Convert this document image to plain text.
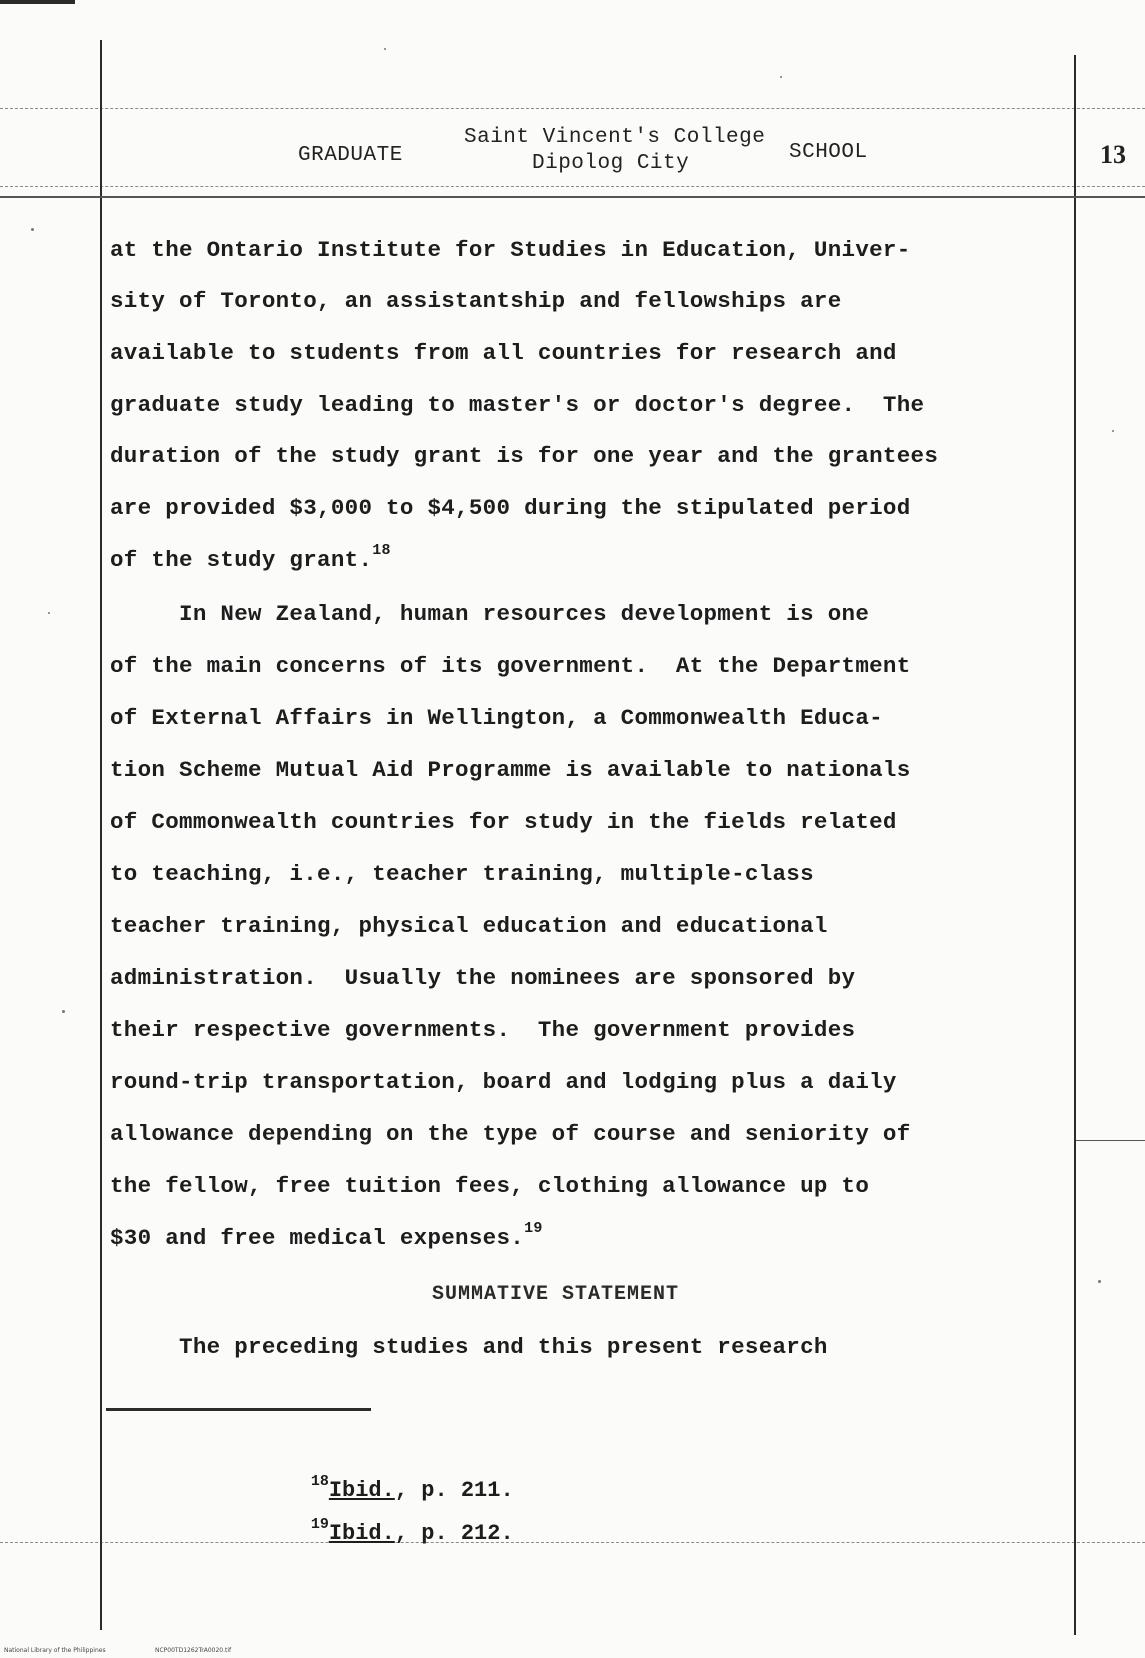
GRADUATE
Saint Vincent's College
Dipolog City	SCHOOL	13
at the Ontario Institute for Studies in Education, Univer-
sity of Toronto, an assistantship and fellowships are
available to students from all countries for research and
graduate study leading to master's or doctor's degree.  The
duration of the study grant is for one year and the grantees
are provided $3,000 to $4,500 during the stipulated period
of the study grant.$^{18}$
In New Zealand, human resources development is one
of the main concerns of its government.  At the Department
of External Affairs in Wellington, a Commonwealth Educa-
tion Scheme Mutual Aid Programme is available to nationals
of Commonwealth countries for study in the fields related
to teaching, i.e., teacher training, multiple-class
teacher training, physical education and educational
administration.  Usually the nominees are sponsored by
their respective governments.  The government provides
round-trip transportation, board and lodging plus a daily
allowance depending on the type of course and seniority of
the fellow, free tuition fees, clothing allowance up to
$30 and free medical expenses.$^{19}$
SUMMATIVE STATEMENT
The preceding studies and this present research

$^{18}$Ibid., p. 211.

$^{19}$Ibid., p. 212.

National Library of the Philippines	NCP00TD1262TrA0020.tif
